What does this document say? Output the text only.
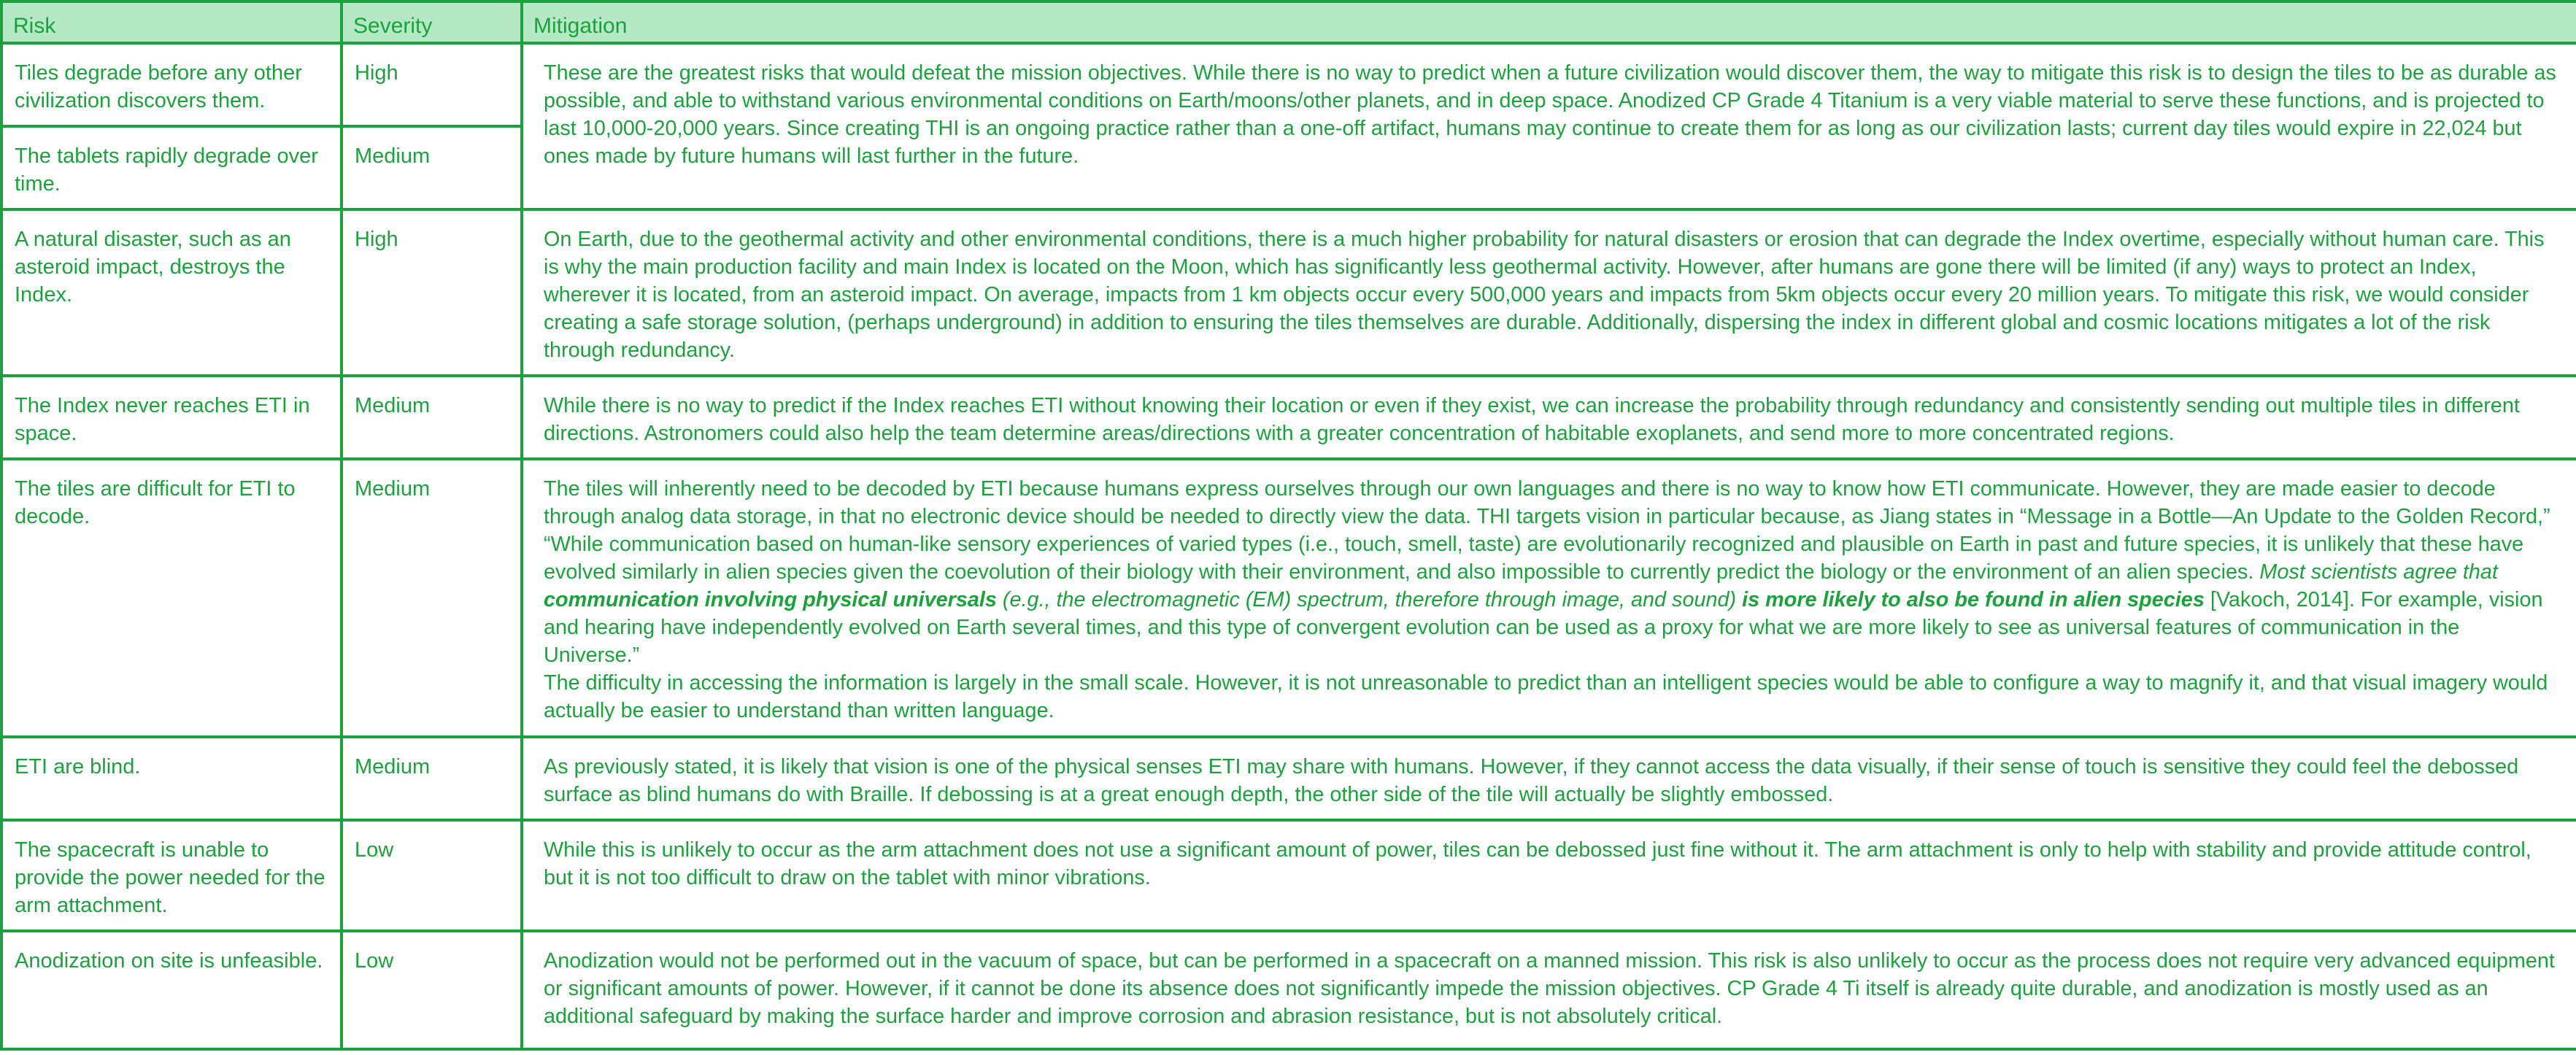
Risk	Severity	Mitigation
Tiles degrade before any other civilization discovers them.	High	These are the greatest risks that would defeat the mission objectives. While there is no way to predict when a future civilization would discover them, the way to mitigate this risk is to design the tiles to be as durable as possible, and able to withstand various environmental conditions on Earth/moons/other planets, and in deep space. Anodized CP Grade 4 Titanium is a very viable material to serve these functions, and is projected to last 10,000-20,000 years. Since creating THI is an ongoing practice rather than a one-off artifact, humans may continue to create them for as long as our civilization lasts; current day tiles would expire in 22,024 but ones made by future humans will last further in the future.
The tablets rapidly degrade over time.	Medium	
A natural disaster, such as an asteroid impact, destroys the Index.	High	On Earth, due to the geothermal activity and other environmental conditions, there is a much higher probability for natural disasters or erosion that can degrade the Index overtime, especially without human care. This is why the main production facility and main Index is located on the Moon, which has significantly less geothermal activity. However, after humans are gone there will be limited (if any) ways to protect an Index, wherever it is located, from an asteroid impact. On average, impacts from 1 km objects occur every 500,000 years and impacts from 5km objects occur every 20 million years. To mitigate this risk, we would consider creating a safe storage solution, (perhaps underground) in addition to ensuring the tiles themselves are durable. Additionally, dispersing the index in different global and cosmic locations mitigates a lot of the risk through redundancy.
The Index never reaches ETI in space.	Medium	While there is no way to predict if the Index reaches ETI without knowing their location or even if they exist, we can increase the probability through redundancy and consistently sending out multiple tiles in different directions. Astronomers could also help the team determine areas/directions with a greater concentration of habitable exoplanets, and send more to more concentrated regions.
The tiles are difficult for ETI to decode.	Medium	The tiles will inherently need to be decoded by ETI because humans express ourselves through our own languages and there is no way to know how ETI communicate. However, they are made easier to decode through analog data storage, in that no electronic device should be needed to directly view the data. THI targets vision in particular because, as Jiang states in “Message in a Bottle—An Update to the Golden Record,” “While communication based on human-like sensory experiences of varied types (i.e., touch, smell, taste) are evolutionarily recognized and plausible on Earth in past and future species, it is unlikely that these have evolved similarly in alien species given the coevolution of their biology with their environment, and also impossible to currently predict the biology or the environment of an alien species. Most scientists agree that communication involving physical universals (e.g., the electromagnetic (EM) spectrum, therefore through image, and sound) is more likely to also be found in alien species [Vakoch, 2014]. For example, vision and hearing have independently evolved on Earth several times, and this type of convergent evolution can be used as a proxy for what we are more likely to see as universal features of communication in the Universe.”
The difficulty in accessing the information is largely in the small scale. However, it is not unreasonable to predict than an intelligent species would be able to configure a way to magnify it, and that visual imagery would actually be easier to understand than written language.

ETI are blind.	Medium	As previously stated, it is likely that vision is one of the physical senses ETI may share with humans. However, if they cannot access the data visually, if their sense of touch is sensitive they could feel the debossed surface as blind humans do with Braille. If debossing is at a great enough depth, the other side of the tile will actually be slightly embossed.
The spacecraft is unable to provide the power needed for the arm attachment.	Low	While this is unlikely to occur as the arm attachment does not use a significant amount of power, tiles can be debossed just fine without it. The arm attachment is only to help with stability and provide attitude control, but it is not too difficult to draw on the tablet with minor vibrations.
Anodization on site is unfeasible.	Low	Anodization would not be performed out in the vacuum of space, but can be performed in a spacecraft on a manned mission. This risk is also unlikely to occur as the process does not require very advanced equipment or significant amounts of power. However, if it cannot be done its absence does not significantly impede the mission objectives. CP Grade 4 Ti itself is already quite durable, and anodization is mostly used as an additional safeguard by making the surface harder and improve corrosion and abrasion resistance, but is not absolutely critical.
